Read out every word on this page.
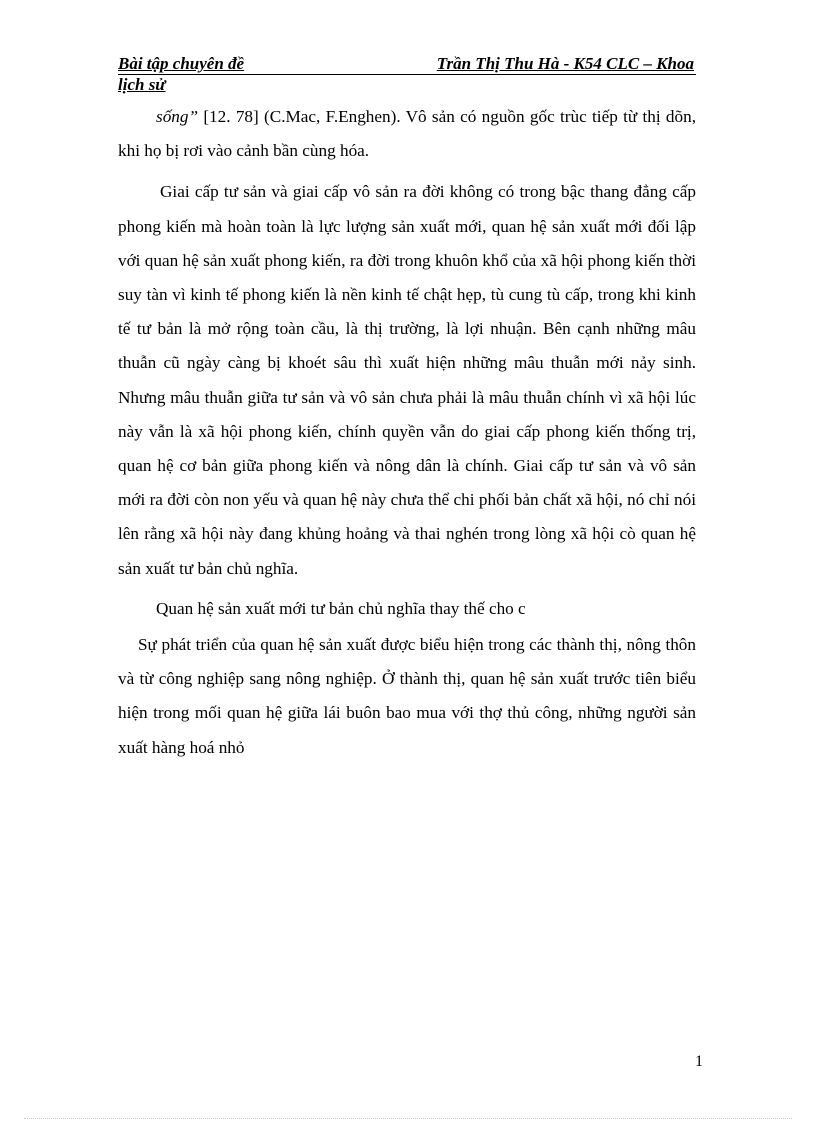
Bài tập chuyên đề	Trần Thị Thu Hà - K54 CLC – Khoa
lịch sử

sống” [12. 78] (C.Mac, F.Enghen). Vô sản có nguồn gốc trùc tiếp từ thị dõn, khi họ bị rơi vào cảnh bần cùng hóa.

Giai cấp tư sản và giai cấp vô sản ra đời không có trong bậc thang đẳng cấp phong kiến mà hoàn toàn là lực lượng sản xuất mới, quan hệ sản xuất mới đối lập với quan hệ sản xuất phong kiến, ra đời trong khuôn khổ của xã hội phong kiến thời suy tàn vì kinh tế phong kiến là nền kinh tế chật hẹp, tù cung tù cấp, trong khi kinh tế tư bản là mở rộng toàn cầu, là thị trường, là lợi nhuận. Bên cạnh những mâu thuẫn cũ ngày càng bị khoét sâu thì xuất hiện những mâu thuẫn mới nảy sinh. Nhưng mâu thuẫn giữa tư sản và vô sản chưa phải là mâu thuẫn chính vì xã hội lúc này vẫn là xã hội phong kiến, chính quyền vẫn do giai cấp phong kiến thống trị, quan hệ cơ bản giữa phong kiến và nông dân là chính. Giai cấp tư sản và vô sản mới ra đời còn non yếu và quan hệ này chưa thể chi phối bản chất xã hội, nó chỉ nói lên rằng xã hội này đang khủng hoảng và thai nghén trong lòng xã hội cò quan hệ sản xuất tư bản chủ nghĩa.

Quan hệ sản xuất mới tư bản chủ nghĩa thay thế cho c

Sự phát triển của quan hệ sản xuất được biểu hiện trong các thành thị, nông thôn và từ công nghiệp sang nông nghiệp. Ở thành thị, quan hệ sản xuất trước tiên biểu hiện trong mối quan hệ giữa lái buôn bao mua với thợ thủ công, những người sản xuất hàng hoá nhỏ

1
